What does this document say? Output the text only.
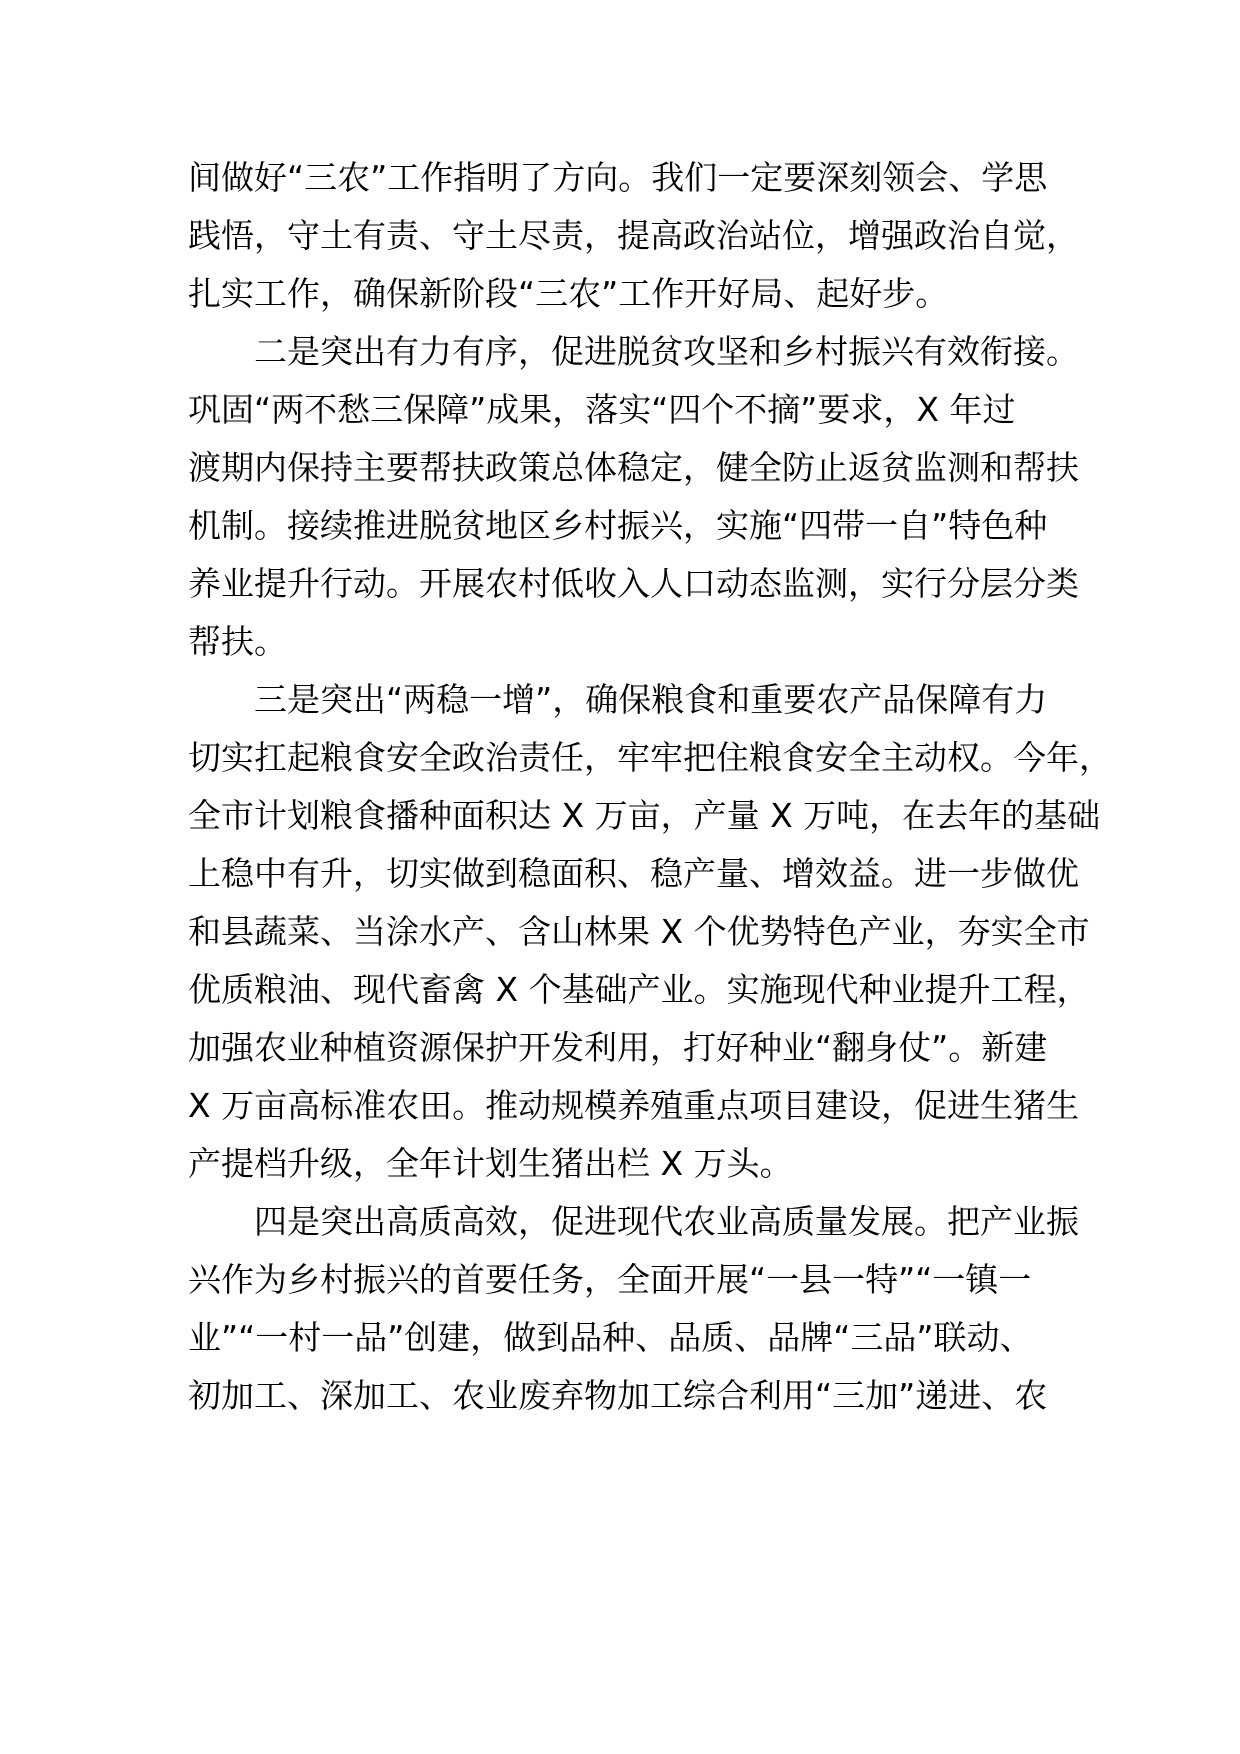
间做好“三农”工作指明了方向。我们一定要深刻领会、学思
践悟，守土有责、守土尽责，提高政治站位，增强政治自觉，
扎实工作，确保新阶段“三农”工作开好局、起好步。
二是突出有力有序，促进脱贫攻坚和乡村振兴有效衔接。
巩固“两不愁三保障”成果，落实“四个不摘”要求，X 年过
渡期内保持主要帮扶政策总体稳定，健全防止返贫监测和帮扶
机制。接续推进脱贫地区乡村振兴，实施“四带一自”特色种
养业提升行动。开展农村低收入人口动态监测，实行分层分类
帮扶。
三是突出“两稳一增”，确保粮食和重要农产品保障有力
切实扛起粮食安全政治责任，牢牢把住粮食安全主动权。今年，
全市计划粮食播种面积达 X 万亩，产量 X 万吨，在去年的基础
上稳中有升，切实做到稳面积、稳产量、增效益。进一步做优
和县蔬菜、当涂水产、含山林果 X 个优势特色产业，夯实全市
优质粮油、现代畜禽 X 个基础产业。实施现代种业提升工程，
加强农业种植资源保护开发利用，打好种业“翻身仗”。新建
X 万亩高标准农田。推动规模养殖重点项目建设，促进生猪生
产提档升级，全年计划生猪出栏 X 万头。
四是突出高质高效，促进现代农业高质量发展。把产业振
兴作为乡村振兴的首要任务，全面开展“一县一特”“一镇一
业”“一村一品”创建，做到品种、品质、品牌“三品”联动、
初加工、深加工、农业废弃物加工综合利用“三加”递进、农
